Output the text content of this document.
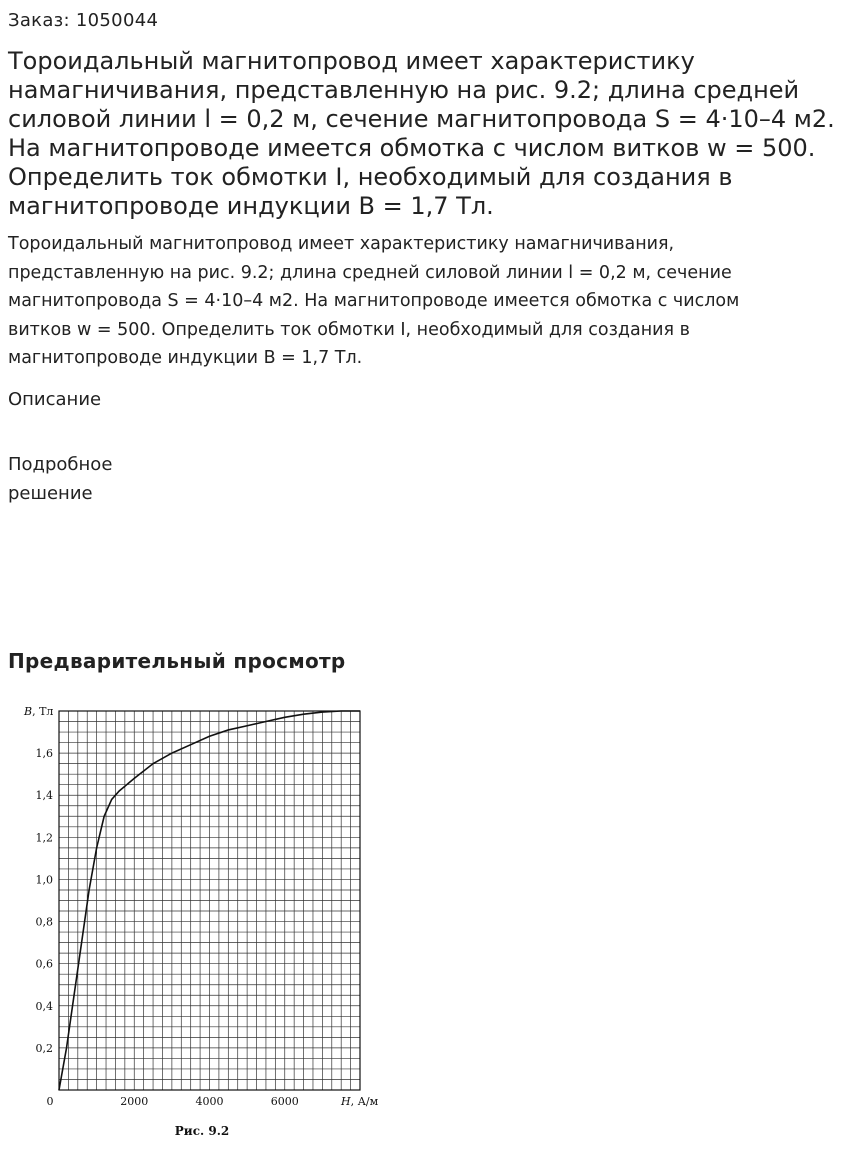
Заказ: 1050044
Тороидальный магнитопровод имеет характеристику
намагничивания, представленную на рис. 9.2; длина средней
силовой линии l = 0,2 м, сечение магнитопровода S = 4·10–4 м2.
На магнитопроводе имеется обмотка с числом витков w = 500.
Определить ток обмотки I, необходимый для создания в
магнитопроводе индукции В = 1,7 Тл.
Тороидальный магнитопровод имеет характеристику намагничивания,
представленную на рис. 9.2; длина средней силовой линии l = 0,2 м, сечение
магнитопровода S = 4·10–4 м2. На магнитопроводе имеется обмотка с числом
витков w = 500. Определить ток обмотки I, необходимый для создания в
магнитопроводе индукции В = 1,7 Тл.
Описание
Подробное
решение
Предварительный просмотр
0,2
0,4
0,6
0,8
1,0
1,2
1,4
1,6
0	2000	4000	6000
B, Тл
H, А/м
Рис. 9.2
